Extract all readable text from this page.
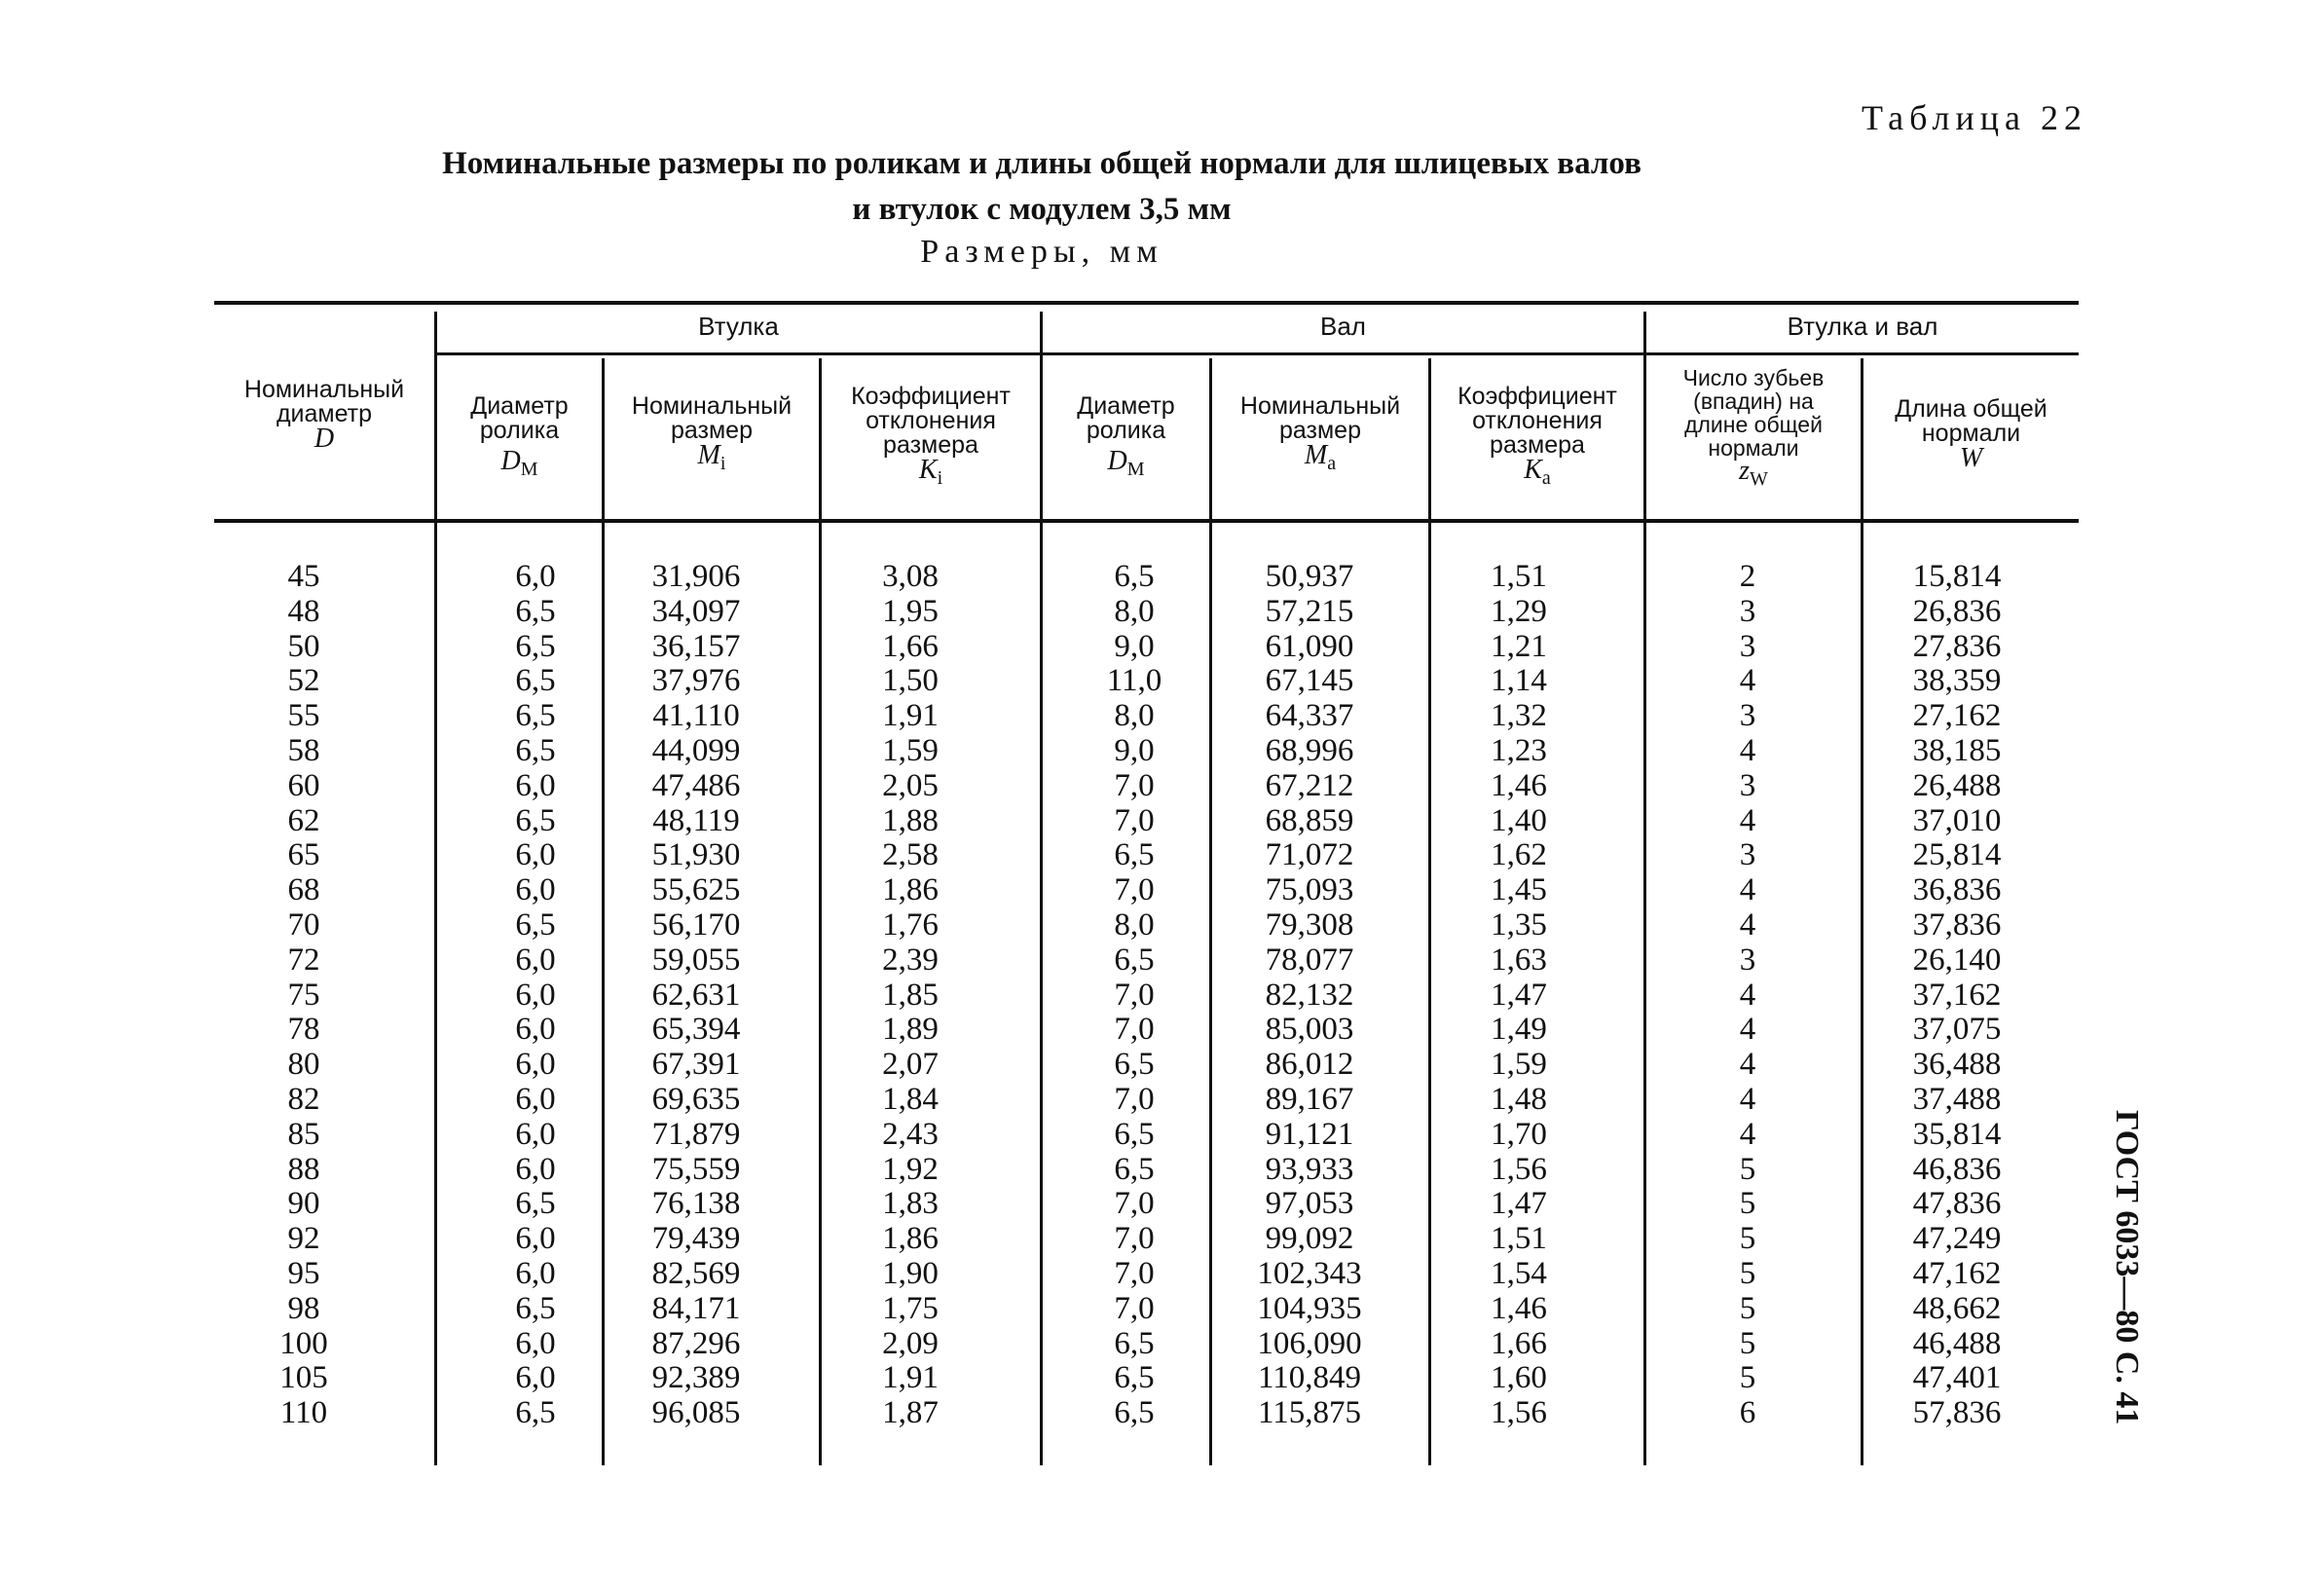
Таблица 22
Номинальные размеры по роликам и длины общей нормали для шлицевых валов
и втулок с модулем 3,5 мм
Размеры, мм
ГОСТ 6033—80 С. 41
Втулка	Вал	Втулка и вал
Номинальный
диаметр
D
Диаметр
ролика
$D_M$
Номинальный
размер
$M_i$
Коэффициент
отклонения
размера
$K_i$
Диаметр
ролика
$D_M$
Номинальный
размер
$M_a$
Коэффициент
отклонения
размера
$K_a$
Число зубьев
(впадин) на
длине общей
нормали
zW
Длина общей
нормали
W
45
48
50
52
55
58
60
62
65
68
70
72
75
78
80
82
85
88
90
92
95
98
100
105
110
6,0
6,5
6,5
6,5
6,5
6,5
6,0
6,5
6,0
6,0
6,5
6,0
6,0
6,0
6,0
6,0
6,0
6,0
6,5
6,0
6,0
6,5
6,0
6,0
6,5
31,906
34,097
36,157
37,976
41,110
44,099
47,486
48,119
51,930
55,625
56,170
59,055
62,631
65,394
67,391
69,635
71,879
75,559
76,138
79,439
82,569
84,171
87,296
92,389
96,085
3,08
1,95
1,66
1,50
1,91
1,59
2,05
1,88
2,58
1,86
1,76
2,39
1,85
1,89
2,07
1,84
2,43
1,92
1,83
1,86
1,90
1,75
2,09
1,91
1,87
6,5
8,0
9,0
11,0
8,0
9,0
7,0
7,0
6,5
7,0
8,0
6,5
7,0
7,0
6,5
7,0
6,5
6,5
7,0
7,0
7,0
7,0
6,5
6,5
6,5
50,937
57,215
61,090
67,145
64,337
68,996
67,212
68,859
71,072
75,093
79,308
78,077
82,132
85,003
86,012
89,167
91,121
93,933
97,053
99,092
102,343
104,935
106,090
110,849
115,875
1,51
1,29
1,21
1,14
1,32
1,23
1,46
1,40
1,62
1,45
1,35
1,63
1,47
1,49
1,59
1,48
1,70
1,56
1,47
1,51
1,54
1,46
1,66
1,60
1,56
2
3
3
4
3
4
3
4
3
4
4
3
4
4
4
4
4
5
5
5
5
5
5
5
6
15,814
26,836
27,836
38,359
27,162
38,185
26,488
37,010
25,814
36,836
37,836
26,140
37,162
37,075
36,488
37,488
35,814
46,836
47,836
47,249
47,162
48,662
46,488
47,401
57,836
